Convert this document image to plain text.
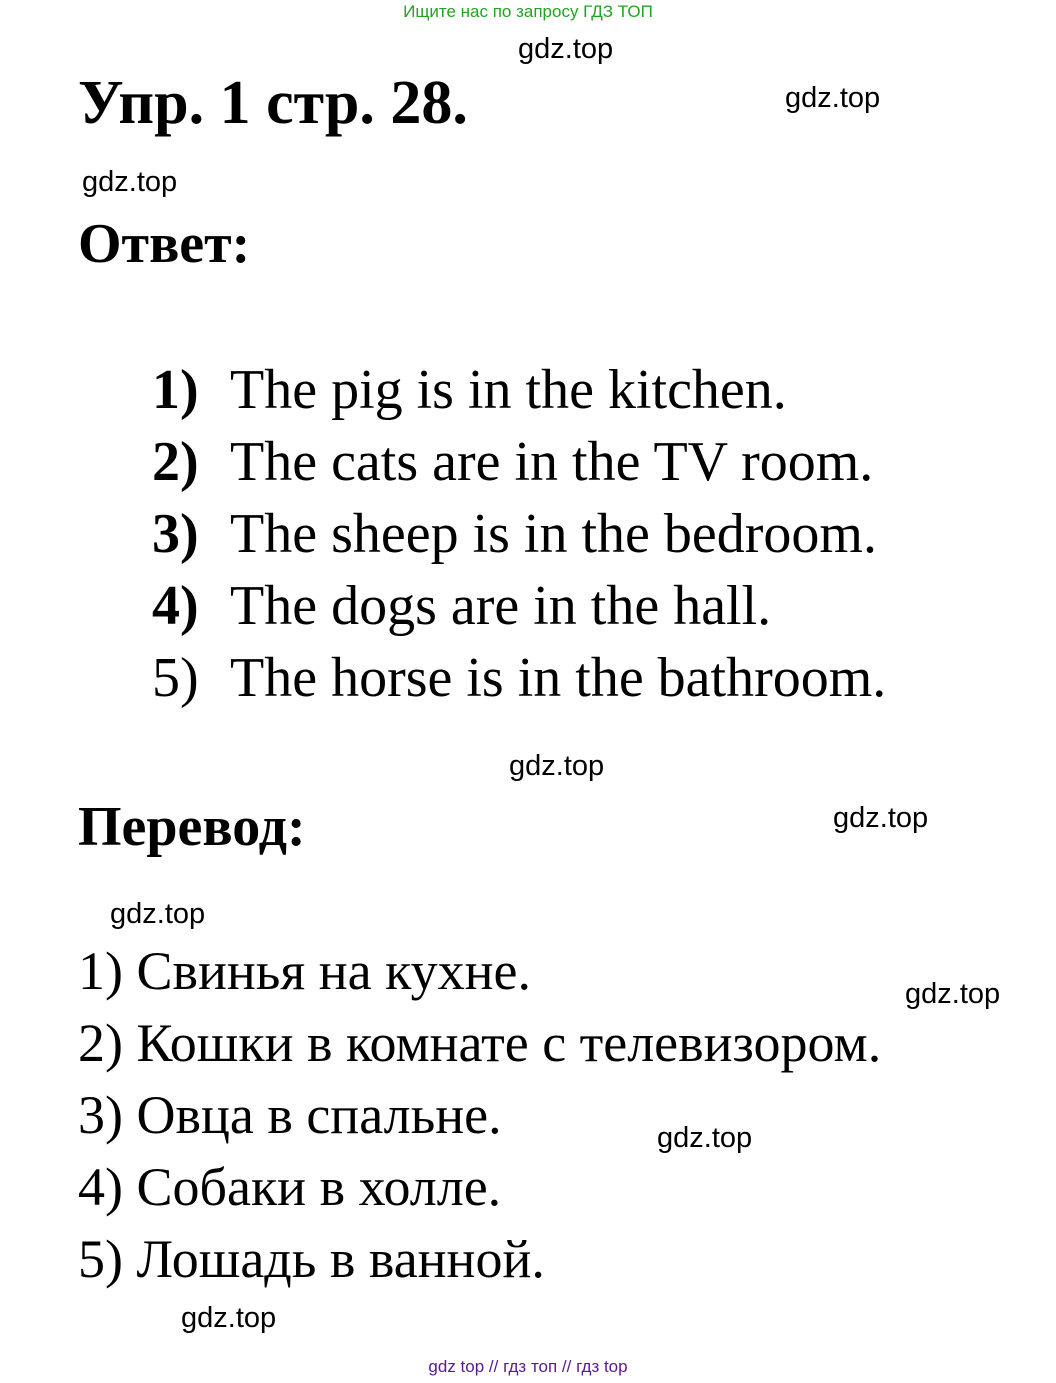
Ищите нас по запросу ГДЗ ТОП
gdz.top
gdz.top
gdz.top
gdz.top
gdz.top
gdz.top
gdz.top
gdz.top
gdz.top
Упр. 1 стр. 28.
Ответ:
1) The pig is in the kitchen.
2) The cats are in the TV room.
3) The sheep is in the bedroom.
4) The dogs are in the hall.
5) The horse is in the bathroom.
Перевод:
1) Свинья на кухне.
2) Кошки в комнате с телевизором.
3) Овца в спальне.
4) Собаки в холле.
5) Лошадь в ванной.
gdz top // гдз топ // гдз top
